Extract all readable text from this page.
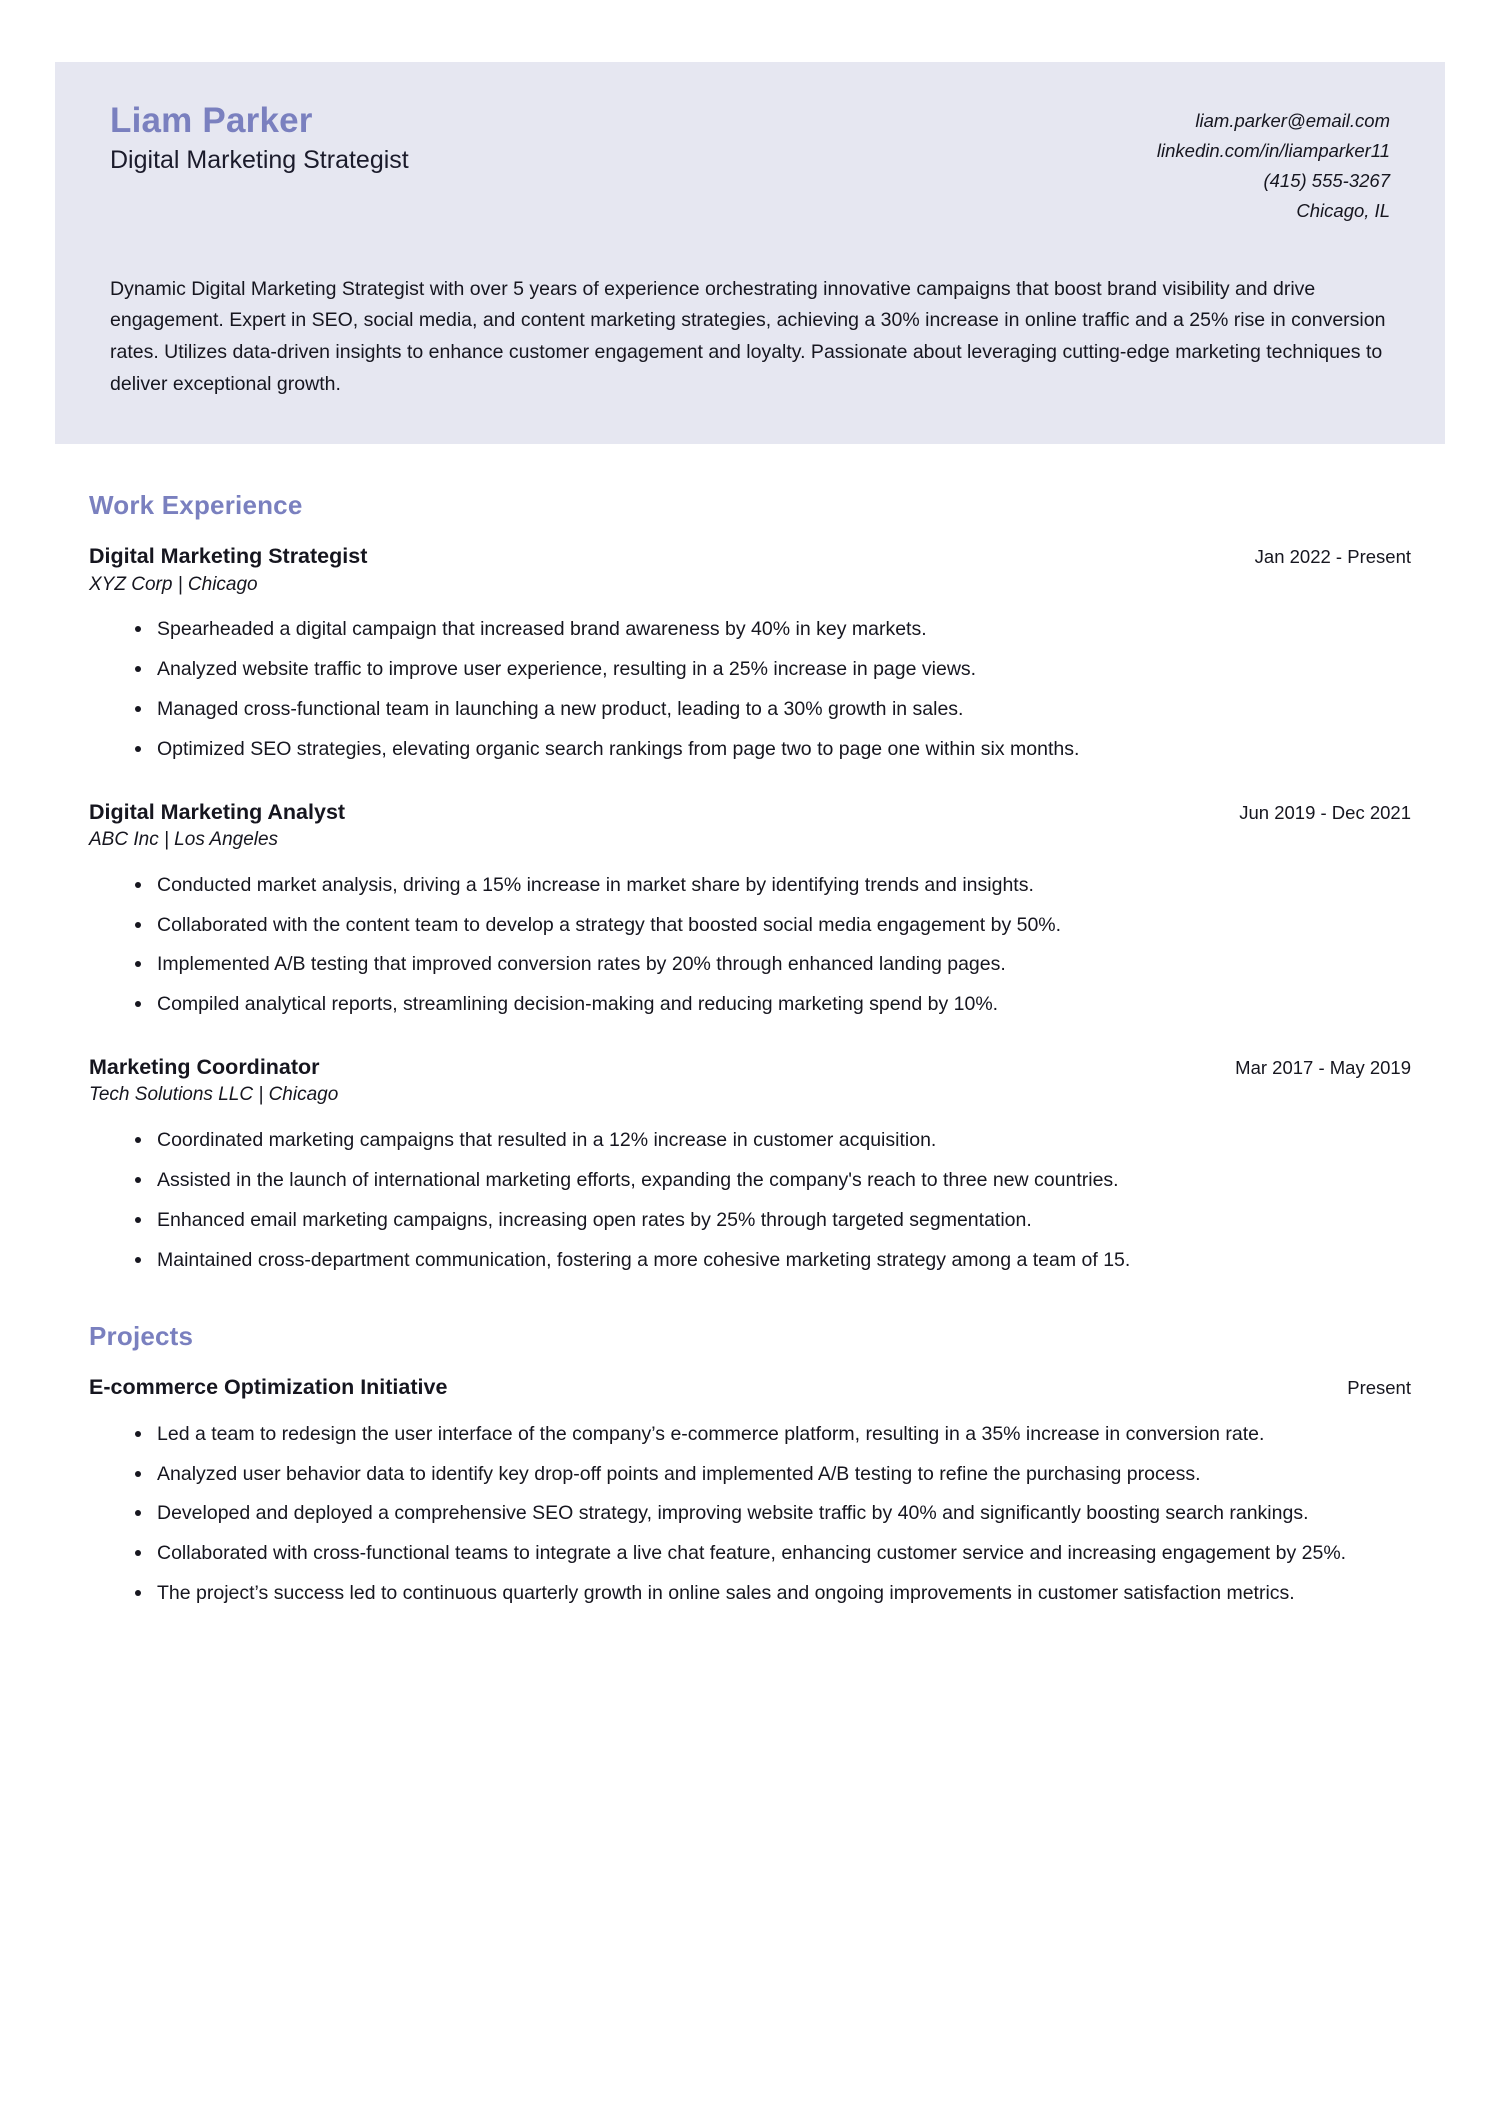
Liam Parker
Digital Marketing Strategist
liam.parker@email.com
linkedin.com/in/liamparker11
(415) 555-3267
Chicago, IL
Dynamic Digital Marketing Strategist with over 5 years of experience orchestrating innovative campaigns that boost brand visibility and drive engagement. Expert in SEO, social media, and content marketing strategies, achieving a 30% increase in online traffic and a 25% rise in conversion rates. Utilizes data-driven insights to enhance customer engagement and loyalty. Passionate about leveraging cutting-edge marketing techniques to deliver exceptional growth.
Work Experience
Digital Marketing Strategist	Jan 2022 - Present
XYZ Corp | Chicago
Spearheaded a digital campaign that increased brand awareness by 40% in key markets.
Analyzed website traffic to improve user experience, resulting in a 25% increase in page views.
Managed cross-functional team in launching a new product, leading to a 30% growth in sales.
Optimized SEO strategies, elevating organic search rankings from page two to page one within six months.
Digital Marketing Analyst	Jun 2019 - Dec 2021
ABC Inc | Los Angeles
Conducted market analysis, driving a 15% increase in market share by identifying trends and insights.
Collaborated with the content team to develop a strategy that boosted social media engagement by 50%.
Implemented A/B testing that improved conversion rates by 20% through enhanced landing pages.
Compiled analytical reports, streamlining decision-making and reducing marketing spend by 10%.
Marketing Coordinator	Mar 2017 - May 2019
Tech Solutions LLC | Chicago
Coordinated marketing campaigns that resulted in a 12% increase in customer acquisition.
Assisted in the launch of international marketing efforts, expanding the company's reach to three new countries.
Enhanced email marketing campaigns, increasing open rates by 25% through targeted segmentation.
Maintained cross-department communication, fostering a more cohesive marketing strategy among a team of 15.
Projects
E-commerce Optimization Initiative	Present
Led a team to redesign the user interface of the company’s e-commerce platform, resulting in a 35% increase in conversion rate.
Analyzed user behavior data to identify key drop-off points and implemented A/B testing to refine the purchasing process.
Developed and deployed a comprehensive SEO strategy, improving website traffic by 40% and significantly boosting search rankings.
Collaborated with cross-functional teams to integrate a live chat feature, enhancing customer service and increasing engagement by 25%.
The project’s success led to continuous quarterly growth in online sales and ongoing improvements in customer satisfaction metrics.
